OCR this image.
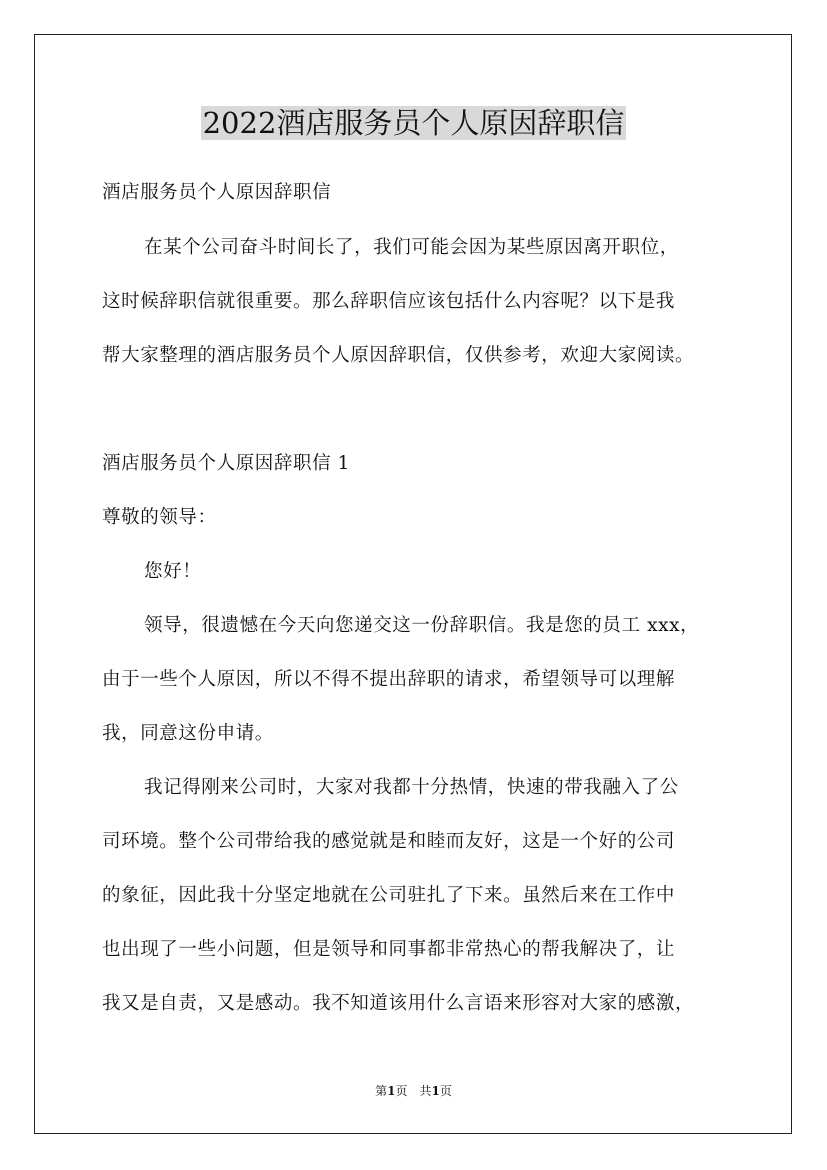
2022酒店服务员个人原因辞职信
酒店服务员个人原因辞职信
在某个公司奋斗时间长了，我们可能会因为某些原因离开职位，
这时候辞职信就很重要。那么辞职信应该包括什么内容呢？以下是我
帮大家整理的酒店服务员个人原因辞职信，仅供参考，欢迎大家阅读。
酒店服务员个人原因辞职信 1
尊敬的领导：
您好！
领导，很遗憾在今天向您递交这一份辞职信。我是您的员工 xxx，
由于一些个人原因，所以不得不提出辞职的请求，希望领导可以理解
我，同意这份申请。
我记得刚来公司时，大家对我都十分热情，快速的带我融入了公
司环境。整个公司带给我的感觉就是和睦而友好，这是一个好的公司
的象征，因此我十分坚定地就在公司驻扎了下来。虽然后来在工作中
也出现了一些小问题，但是领导和同事都非常热心的帮我解决了，让
我又是自责，又是感动。我不知道该用什么言语来形容对大家的感激，
第1页　共1页
